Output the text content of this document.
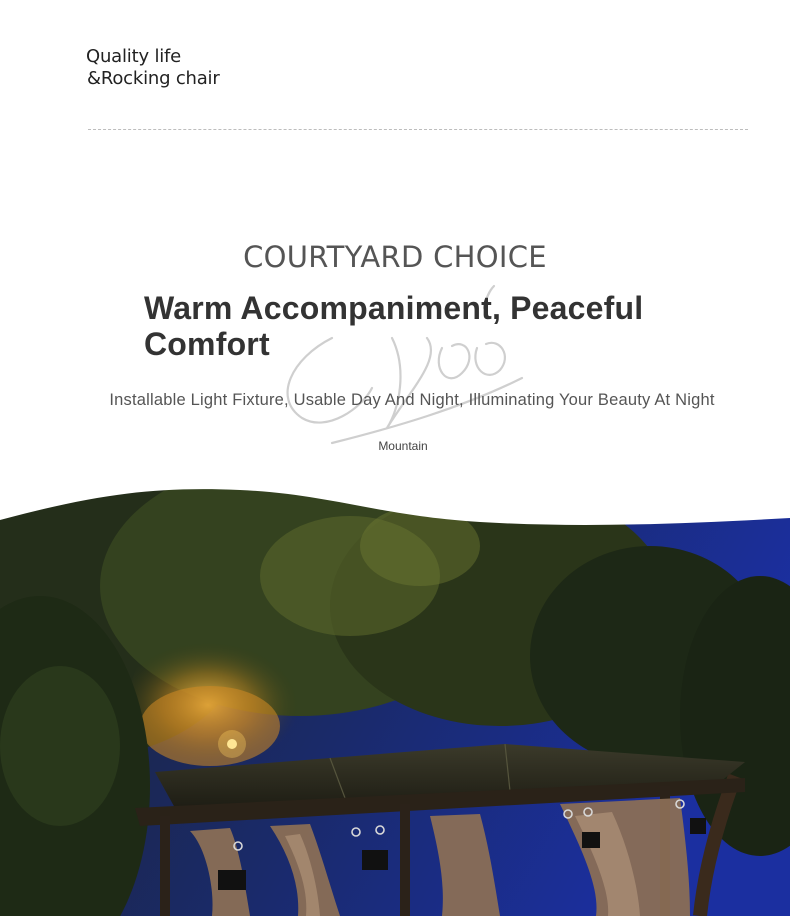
Quality life
&Rocking chair
COURTYARD CHOICE
Warm Accompaniment, Peaceful Comfort
Installable Light Fixture, Usable Day And Night, Illuminating Your Beauty At Night
Mountain
